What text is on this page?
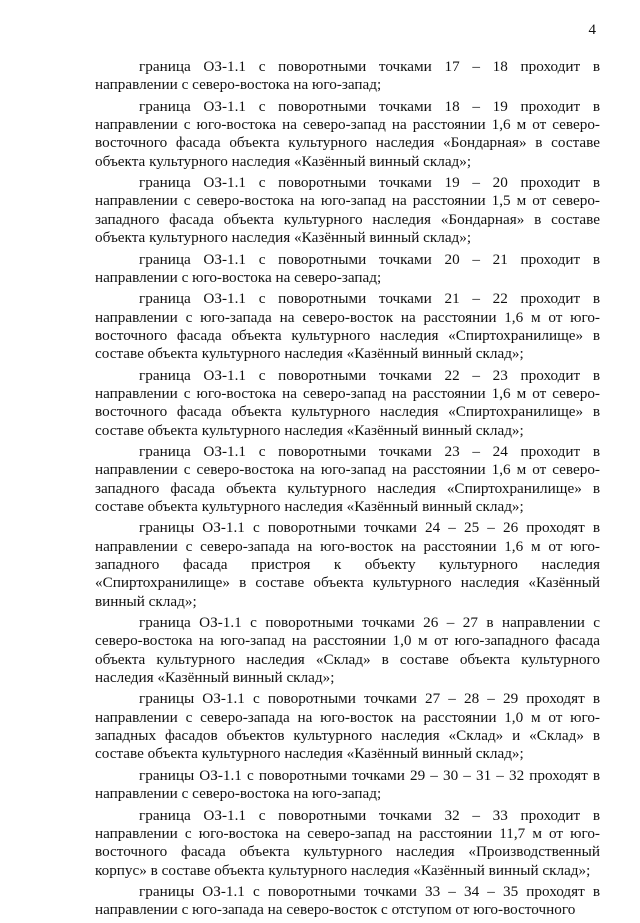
4

граница ОЗ-1.1 с поворотными точками 17 – 18 проходит в направлении с северо-востока на юго-запад;

граница ОЗ-1.1 с поворотными точками 18 – 19 проходит в направлении с юго-востока на северо-запад на расстоянии 1,6 м от северо-восточного фасада объекта культурного наследия «Бондарная» в составе объекта культурного наследия «Казённый винный склад»;

граница ОЗ-1.1 с поворотными точками 19 – 20 проходит в направлении с северо-востока на юго-запад на расстоянии 1,5 м от северо-западного фасада объекта культурного наследия «Бондарная» в составе объекта культурного наследия «Казённый винный склад»;

граница ОЗ-1.1 с поворотными точками 20 – 21 проходит в направлении с юго-востока на северо-запад;

граница ОЗ-1.1 с поворотными точками 21 – 22 проходит в направлении с юго-запада на северо-восток на расстоянии 1,6 м от юго-восточного фасада объекта культурного наследия «Спиртохранилище» в составе объекта культурного наследия «Казённый винный склад»;

граница ОЗ-1.1 с поворотными точками 22 – 23 проходит в направлении с юго-востока на северо-запад на расстоянии 1,6 м от северо-восточного фасада объекта культурного наследия «Спиртохранилище» в составе объекта культурного наследия «Казённый винный склад»;

граница ОЗ-1.1 с поворотными точками 23 – 24 проходит в направлении с северо-востока на юго-запад на расстоянии 1,6 м от северо-западного фасада объекта культурного наследия «Спиртохранилище» в составе объекта культурного наследия «Казённый винный склад»;

границы ОЗ-1.1 с поворотными точками 24 – 25 – 26 проходят в направлении с северо-запада на юго-восток на расстоянии 1,6 м от юго-западного фасада пристроя к объекту культурного наследия «Спиртохранилище» в составе объекта культурного наследия «Казённый винный склад»;

граница ОЗ-1.1 с поворотными точками 26 – 27 в направлении с северо-востока на юго-запад на расстоянии 1,0 м от юго-западного фасада объекта культурного наследия «Склад» в составе объекта культурного наследия «Казённый винный склад»;

границы ОЗ-1.1 с поворотными точками 27 – 28 – 29 проходят в направлении с северо-запада на юго-восток на расстоянии 1,0 м от юго-западных фасадов объектов культурного наследия «Склад» и «Склад» в составе объекта культурного наследия «Казённый винный склад»;

границы ОЗ-1.1 с поворотными точками 29 – 30 – 31 – 32 проходят в направлении с северо-востока на юго-запад;

граница ОЗ-1.1 с поворотными точками 32 – 33 проходит в направлении с юго-востока на северо-запад на расстоянии 11,7 м от юго-восточного фасада объекта культурного наследия «Производственный корпус» в составе объекта культурного наследия «Казённый винный склад»;

границы ОЗ-1.1 с поворотными точками 33 – 34 – 35 проходят в направлении с юго-запада на северо-восток с отступом от юго-восточного
